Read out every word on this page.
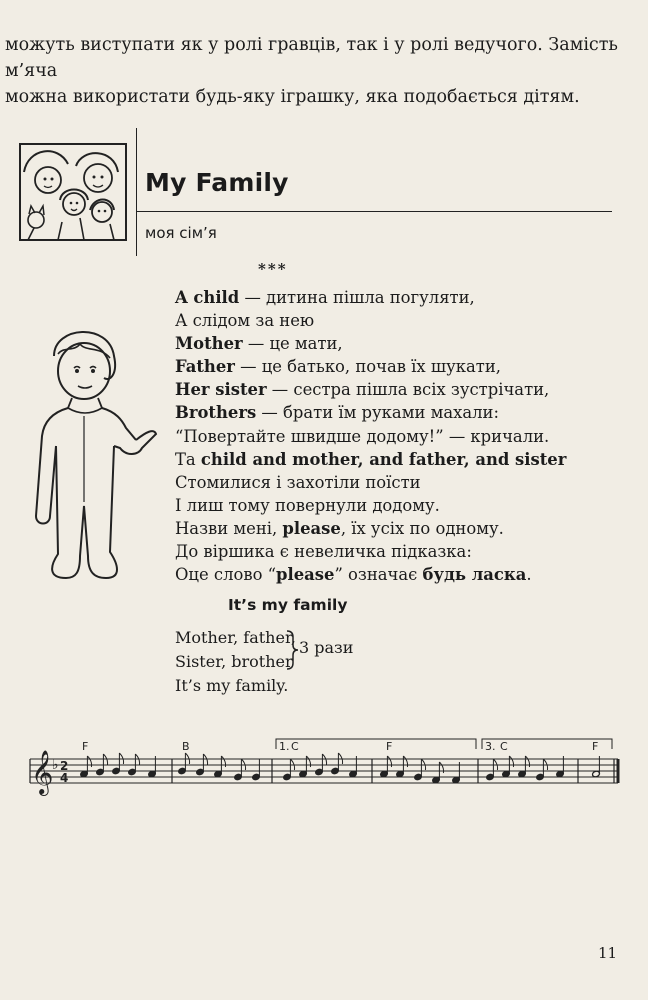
можуть виступати як у ролі гравців, так і у ролі ведучого. Замість м’яча
можна використати будь-яку іграшку, яка подобається дітям.
My Family
моя сім’я
***
A child — дитина пішла погуляти,
А слідом за нею
Mother — це мати,
Father — це батько, почав їх шукати,
Her sister — сестра пішла всіх зустрічати,
Brothers — брати їм руками махали:
“Повертайте швидше додому!” — кричали.
Та child and mother, and father, and sister
Стомилися і захотіли поїсти
І лиш тому повернули додому.
Назви мені, please, їх усіх по одному.
До віршика є невеличка підказка:
Оце слово “please” означає будь ласка.
It’s my family
Mother, father,
Sister, brother
It’s my family.
3 рази
𝄞
♭ 2
4
F	B	C	F	C	F
1.	3.
11
